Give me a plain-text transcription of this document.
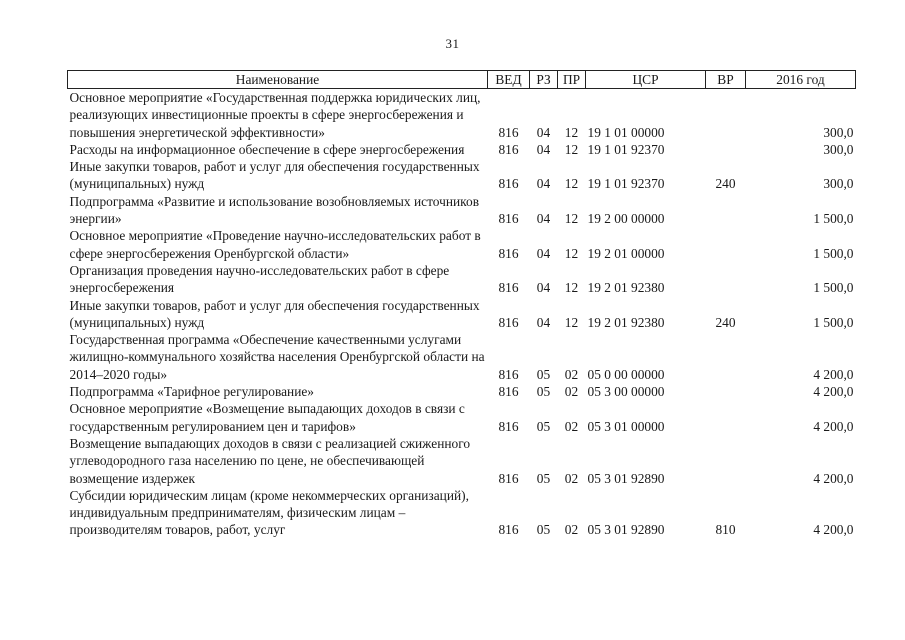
31
Наименование	ВЕД	РЗ	ПР	ЦСР	ВР	2016 год
Основное мероприятие «Государственная поддержка юридических лиц, реализующих инвестиционные проекты в сфере энергосбережения и повышения энергетической эффективности»	816	04	12	19 1 01 00000		300,0
Расходы на информационное обеспечение в сфере энергосбережения	816	04	12	19 1 01 92370		300,0
Иные закупки товаров, работ и услуг для обеспечения государственных (муниципальных) нужд	816	04	12	19 1 01 92370	240	300,0
Подпрограмма «Развитие и использование возобновляемых источников энергии»	816	04	12	19 2 00 00000		1 500,0
Основное мероприятие «Проведение научно-исследовательских работ в сфере энергосбережения Оренбургской области»	816	04	12	19 2 01 00000		1 500,0
Организация проведения научно-исследовательских работ в сфере энергосбережения	816	04	12	19 2 01 92380		1 500,0
Иные закупки товаров, работ и услуг для обеспечения государственных (муниципальных) нужд	816	04	12	19 2 01 92380	240	1 500,0
Государственная программа «Обеспечение качественными услугами жилищно-коммунального хозяйства населения Оренбургской области на 2014–2020 годы»	816	05	02	05 0 00 00000		4 200,0
Подпрограмма «Тарифное регулирование»	816	05	02	05 3 00 00000		4 200,0
Основное мероприятие «Возмещение выпадающих доходов в связи с государственным регулированием цен и тарифов»	816	05	02	05 3 01 00000		4 200,0
Возмещение выпадающих доходов в связи с реализацией сжиженного углеводородного газа населению по цене, не обеспечивающей возмещение издержек	816	05	02	05 3 01 92890		4 200,0
Субсидии юридическим лицам (кроме некоммерческих организаций), индивидуальным предпринимателям, физическим лицам – производителям товаров, работ, услуг	816	05	02	05 3 01 92890	810	4 200,0
